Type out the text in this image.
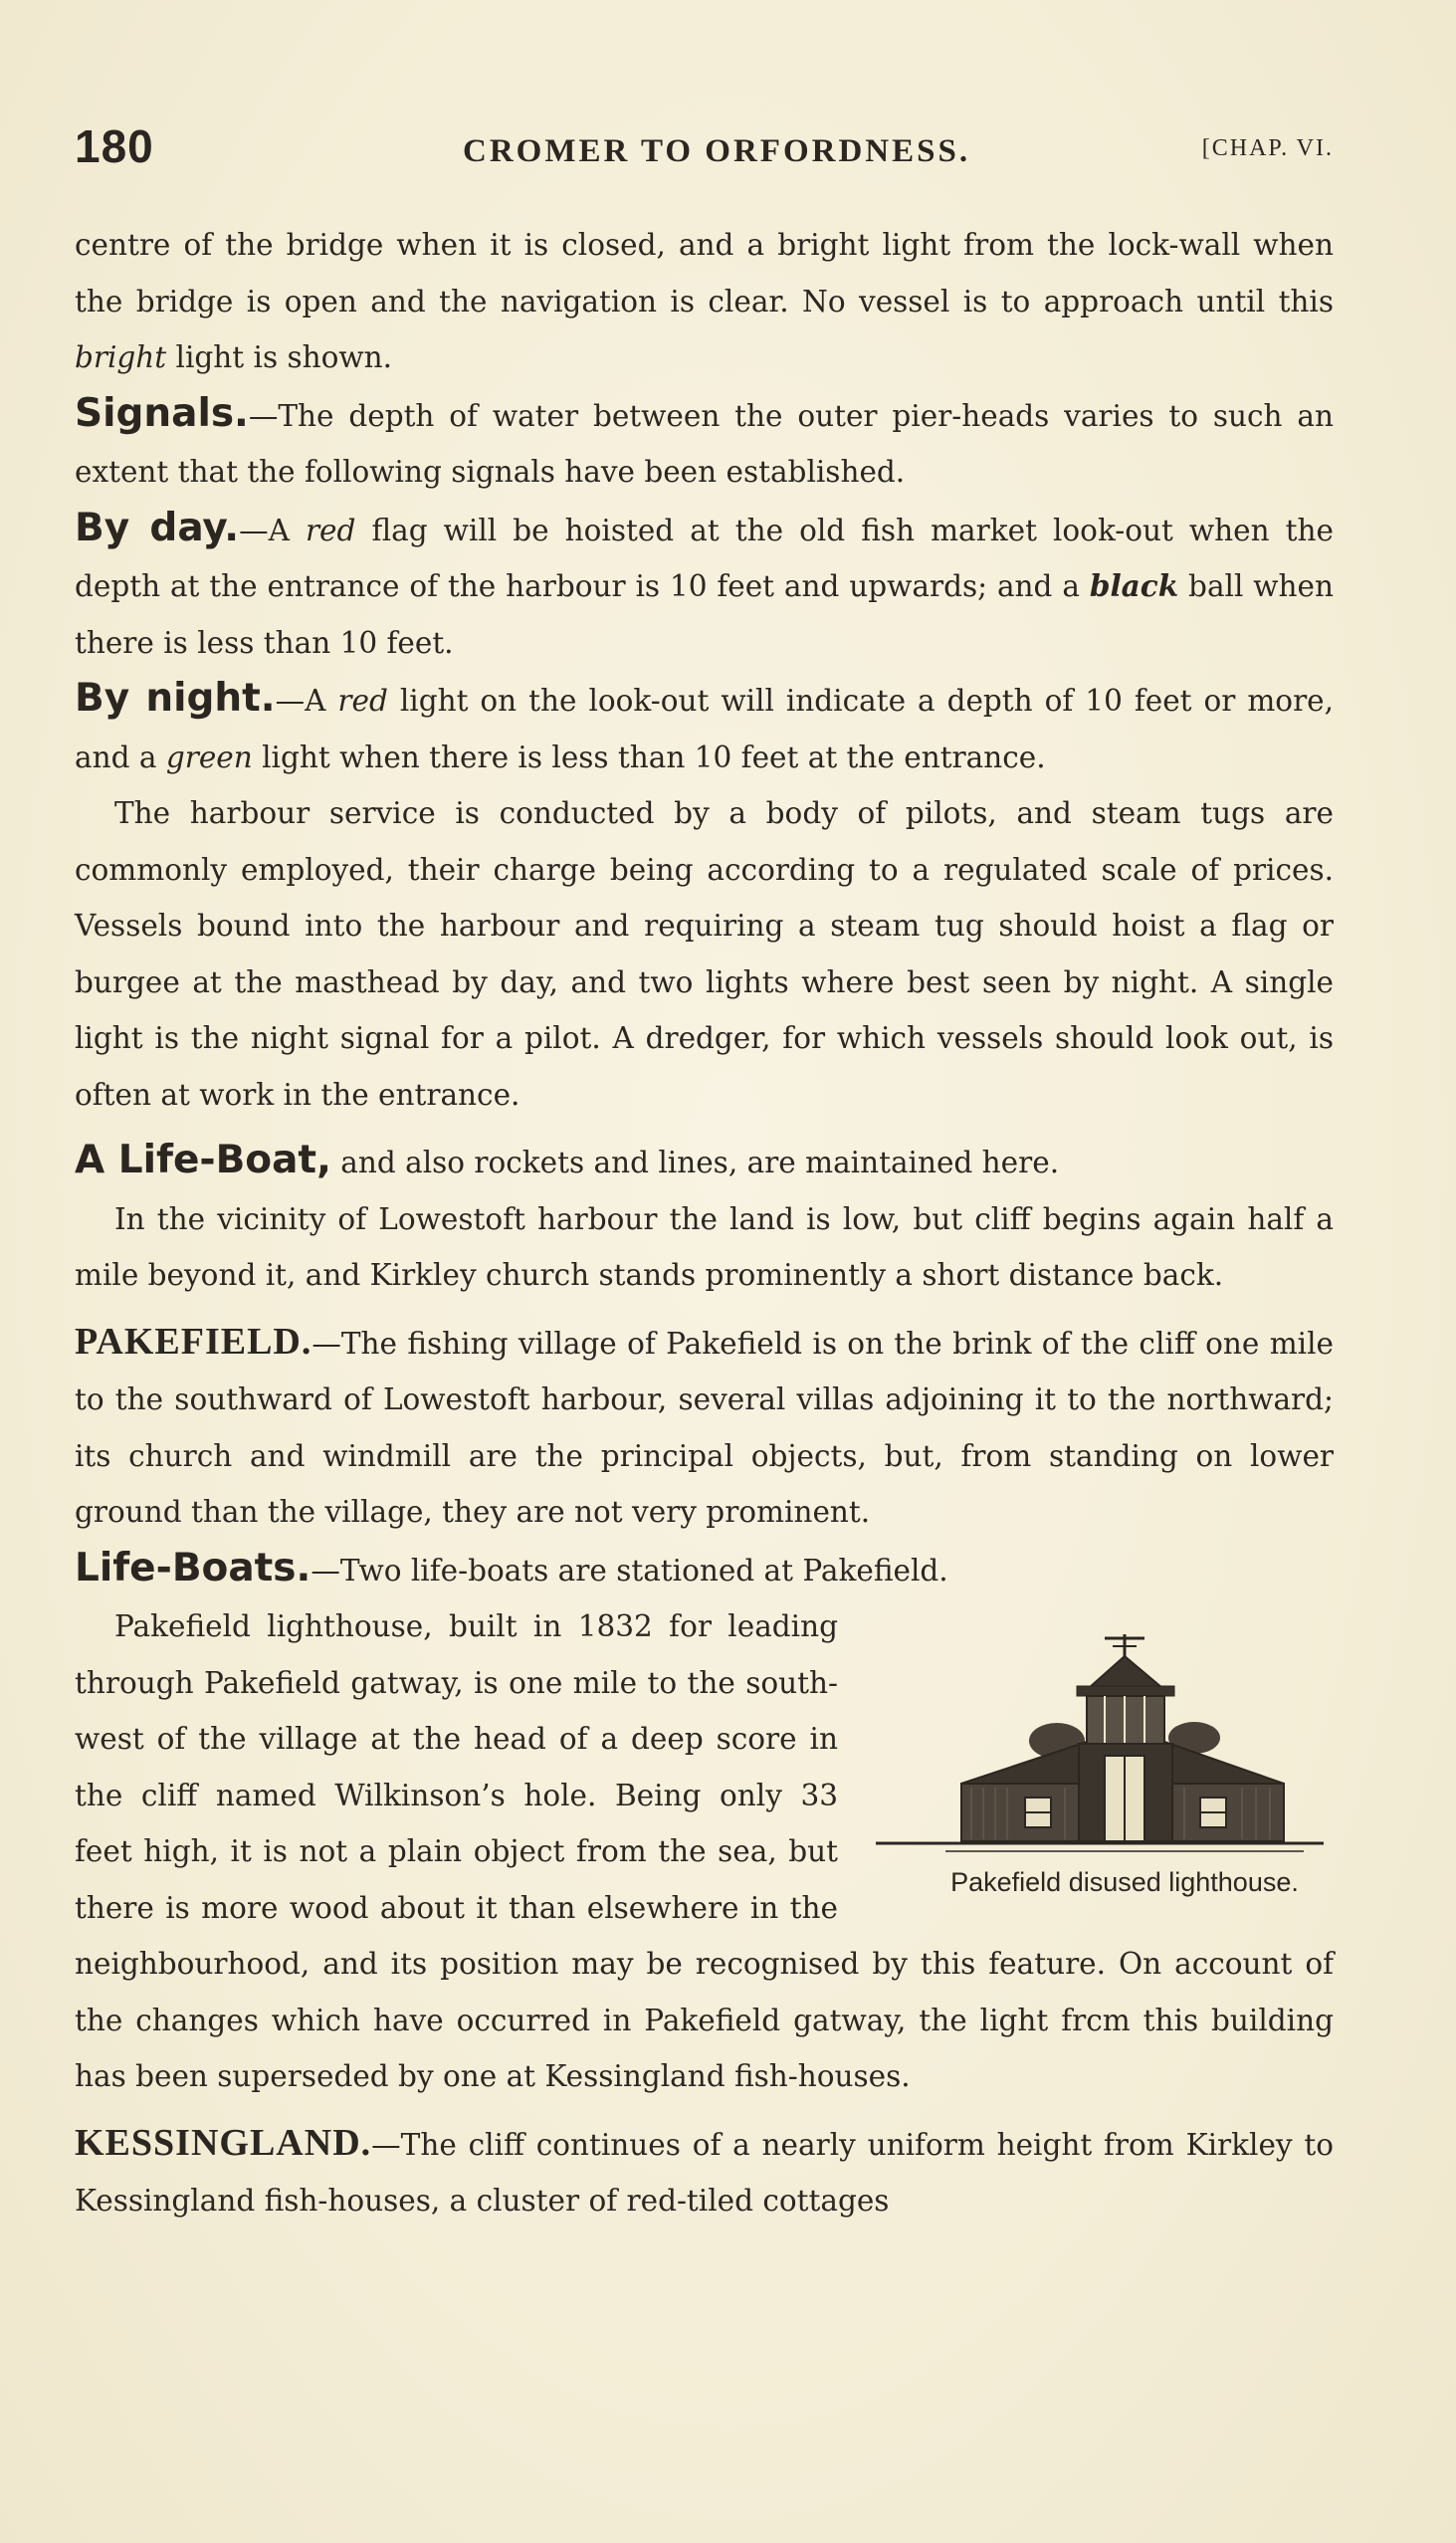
180	CROMER TO ORFORDNESS.	[CHAP. VI.

centre of the bridge when it is closed, and a bright light from the lock-wall when the bridge is open and the navigation is clear. No vessel is to approach until this bright light is shown.

Signals.—The depth of water between the outer pier-heads varies to such an extent that the following signals have been established.

By day.—A red flag will be hoisted at the old fish market look-out when the depth at the entrance of the harbour is 10 feet and upwards; and a black ball when there is less than 10 feet.

By night.—A red light on the look-out will indicate a depth of 10 feet or more, and a green light when there is less than 10 feet at the entrance.

The harbour service is conducted by a body of pilots, and steam tugs are commonly employed, their charge being according to a regulated scale of prices. Vessels bound into the harbour and requiring a steam tug should hoist a flag or burgee at the masthead by day, and two lights where best seen by night. A single light is the night signal for a pilot. A dredger, for which vessels should look out, is often at work in the entrance.

A Life-Boat, and also rockets and lines, are maintained here.

In the vicinity of Lowestoft harbour the land is low, but cliff begins again half a mile beyond it, and Kirkley church stands prominently a short distance back.

PAKEFIELD.—The fishing village of Pakefield is on the brink of the cliff one mile to the southward of Lowestoft harbour, several villas adjoining it to the northward; its church and windmill are the principal objects, but, from standing on lower ground than the village, they are not very prominent.

Life-Boats.—Two life-boats are stationed at Pakefield.

Pakefield disused lighthouse.
Pakefield lighthouse, built in 1832 for leading through Pakefield gatway, is one mile to the south-west of the village at the head of a deep score in the cliff named Wilkinson’s hole. Being only 33 feet high, it is not a plain object from the sea, but there is more wood about it than elsewhere in the neighbourhood, and its position may be recognised by this feature. On account of the changes which have occurred in Pakefield gatway, the light frcm this building has been superseded by one at Kessingland fish-houses.

KESSINGLAND.—The cliff continues of a nearly uniform height from Kirkley to Kessingland fish-houses, a cluster of red-tiled cottages
